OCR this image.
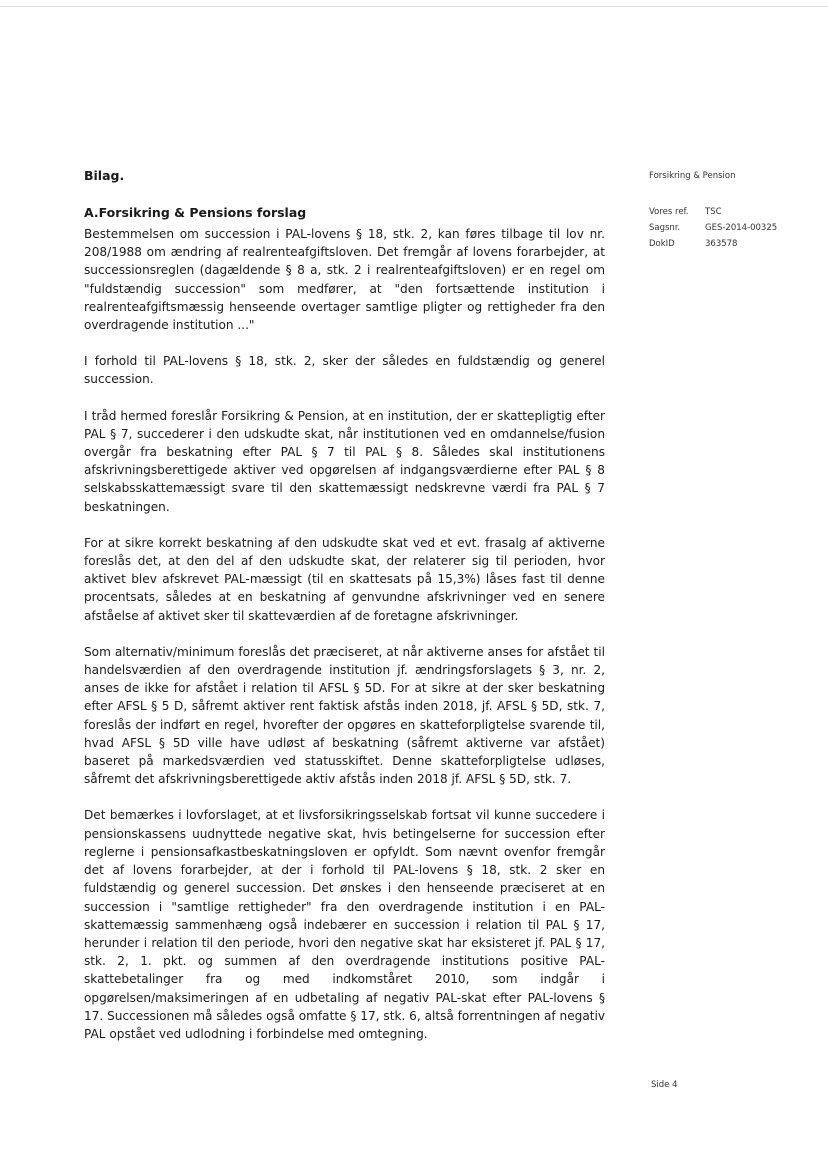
Bilag.
A.Forsikring & Pensions forslag

Bestemmelsen om succession i PAL-lovens § 18, stk. 2, kan føres tilbage til lov nr. 208/1988 om ændring af realrenteafgiftsloven. Det fremgår af lovens forarbejder, at successionsreglen (dagældende § 8 a, stk. 2 i realrenteafgiftsloven) er en regel om "fuldstændig succession" som medfører, at "den fortsættende institution i realrenteafgiftsmæssig henseende overtager samtlige pligter og rettigheder fra den overdragende institution ..."

I forhold til PAL-lovens § 18, stk. 2, sker der således en fuldstændig og generel succession.

I tråd hermed foreslår Forsikring & Pension, at en institution, der er skattepligtig efter PAL § 7, succederer i den udskudte skat, når institutionen ved en omdannelse/fusion overgår fra beskatning efter PAL § 7 til PAL § 8. Således skal institutionens afskrivningsberettigede aktiver ved opgørelsen af indgangsværdierne efter PAL § 8 selskabsskattemæssigt svare til den skattemæssigt nedskrevne værdi fra PAL § 7 beskatningen.

For at sikre korrekt beskatning af den udskudte skat ved et evt. frasalg af aktiverne foreslås det, at den del af den udskudte skat, der relaterer sig til perioden, hvor aktivet blev afskrevet PAL-mæssigt (til en skattesats på 15,3%) låses fast til denne procentsats, således at en beskatning af genvundne afskrivninger ved en senere afståelse af aktivet sker til skatteværdien af de foretagne afskrivninger.

Som alternativ/minimum foreslås det præciseret, at når aktiverne anses for afstået til handelsværdien af den overdragende institution jf. ændringsforslagets § 3, nr. 2, anses de ikke for afstået i relation til AFSL § 5D. For at sikre at der sker beskatning efter AFSL § 5 D, såfremt aktiver rent faktisk afstås inden 2018, jf. AFSL § 5D, stk. 7, foreslås der indført en regel, hvorefter der opgøres en skatteforpligtelse svarende til, hvad AFSL § 5D ville have udløst af beskatning (såfremt aktiverne var afstået) baseret på markedsværdien ved statusskiftet. Denne skatteforpligtelse udløses, såfremt det afskrivningsberettigede aktiv afstås inden 2018 jf. AFSL § 5D, stk. 7.

Det bemærkes i lovforslaget, at et livsforsikringsselskab fortsat vil kunne succedere i pensionskassens uudnyttede negative skat, hvis betingelserne for succession efter reglerne i pensionsafkastbeskatningsloven er opfyldt. Som nævnt ovenfor fremgår det af lovens forarbejder, at der i forhold til PAL-lovens § 18, stk. 2 sker en fuldstændig og generel succession. Det ønskes i den henseende præciseret at en succession i "samtlige rettigheder" fra den overdragende institution i en PAL-skattemæssig sammenhæng også indebærer en succession i relation til PAL § 17, herunder i relation til den periode, hvori den negative skat har eksisteret jf. PAL § 17, stk. 2, 1. pkt. og summen af den overdragende institutions positive PAL-skattebetalinger fra og med indkomståret 2010, som indgår i opgørelsen/maksimeringen af en udbetaling af negativ PAL-skat efter PAL-lovens § 17. Successionen må således også omfatte § 17, stk. 6, altså forrentningen af negativ PAL opstået ved udlodning i forbindelse med omtegning.

Forsikring & Pension
Vores ref.	TSC
Sagsnr.	GES-2014-00325
DokID	363578
Side 4
